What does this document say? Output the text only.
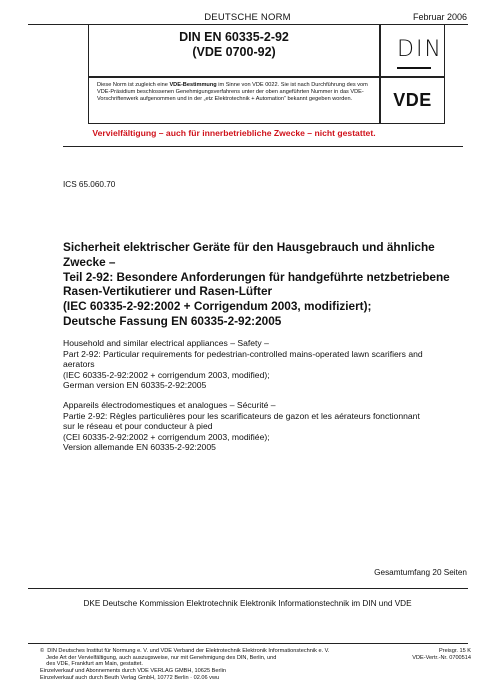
DEUTSCHE NORM	Februar 2006
DIN EN 60335-2-92
(VDE 0700-92)	DIN
Diese Norm ist zugleich eine VDE-Bestimmung im Sinne von VDE 0022. Sie ist nach Durchführung des vom VDE-Präsidium beschlossenen Genehmigungsverfahrens unter der oben angeführten Nummer in das VDE-Vorschriftenwerk aufgenommen und in der „etz Elektrotechnik + Automation“ bekannt gegeben worden.	VDE
Vervielfältigung – auch für innerbetriebliche Zwecke – nicht gestattet.
ICS 65.060.70
Sicherheit elektrischer Geräte für den Hausgebrauch und ähnliche
Zwecke –
Teil 2-92: Besondere Anforderungen für handgeführte netzbetriebene
Rasen-Vertikutierer und Rasen-Lüfter
(IEC 60335-2-92:2002 + Corrigendum 2003, modifiziert);
Deutsche Fassung EN 60335-2-92:2005
Household and similar electrical appliances – Safety –
Part 2-92: Particular requirements for pedestrian-controlled mains-operated lawn scarifiers and
aerators
(IEC 60335-2-92:2002 + corrigendum 2003, modified);
German version EN 60335-2-92:2005
Appareils électrodomestiques et analogues – Sécurité –
Partie 2-92: Règles particulières pour les scarificateurs de gazon et les aérateurs fonctionnant
sur le réseau et pour conducteur à pied
(CEI 60335-2-92:2002 + corrigendum 2003, modifiée);
Version allemande EN 60335-2-92:2005
Gesamtumfang 20 Seiten
DKE Deutsche Kommission Elektrotechnik Elektronik Informationstechnik im DIN und VDE
©  DIN Deutsches Institut für Normung e. V. und VDE Verband der Elektrotechnik Elektronik Informationstechnik e. V.
Jede Art der Vervielfältigung, auch auszugsweise, nur mit Genehmigung des DIN, Berlin, und
des VDE, Frankfurt am Main, gestattet.
Einzelverkauf und Abonnements durch VDE VERLAG GMBH, 10625 Berlin
Einzelverkauf auch durch Beuth Verlag GmbH, 10772 Berlin · 02.06 vwu
Preisgr. 15 K
VDE-Vertr.-Nr. 0700514
